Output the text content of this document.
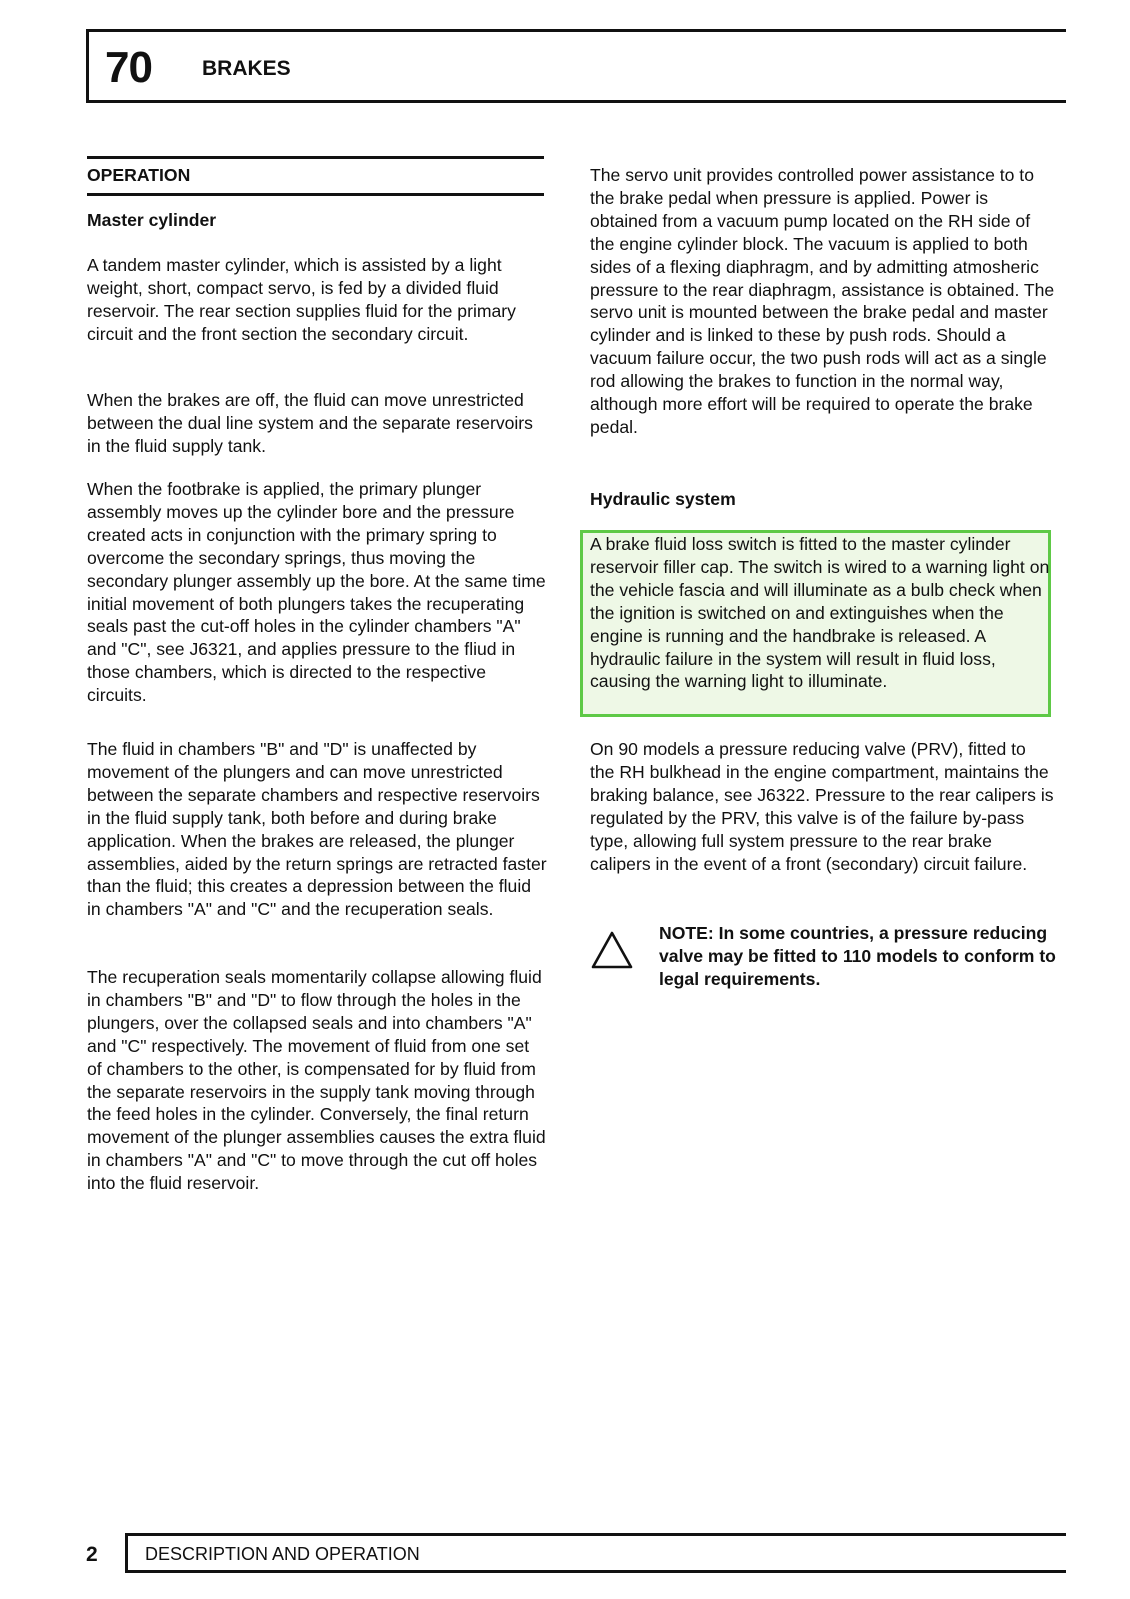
70 BRAKES

OPERATION

Master cylinder

A tandem master cylinder, which is assisted by a light weight, short, compact servo, is fed by a divided fluid reservoir. The rear section supplies fluid for the primary circuit and the front section the secondary circuit.

When the brakes are off, the fluid can move unrestricted between the dual line system and the separate reservoirs in the fluid supply tank.

When the footbrake is applied, the primary plunger assembly moves up the cylinder bore and the pressure created acts in conjunction with the primary spring to overcome the secondary springs, thus moving the secondary plunger assembly up the bore. At the same time initial movement of both plungers takes the recuperating seals past the cut-off holes in the cylinder chambers "A" and "C", see J6321, and applies pressure to the fliud in those chambers, which is directed to the respective circuits.

The fluid in chambers "B" and "D" is unaffected by movement of the plungers and can move unrestricted between the separate chambers and respective reservoirs in the fluid supply tank, both before and during brake application. When the brakes are released, the plunger assemblies, aided by the return springs are retracted faster than the fluid; this creates a depression between the fluid in chambers "A" and "C" and the recuperation seals.

The recuperation seals momentarily collapse allowing fluid in chambers "B" and "D" to flow through the holes in the plungers, over the collapsed seals and into chambers "A" and "C" respectively. The movement of fluid from one set of chambers to the other, is compensated for by fluid from the separate reservoirs in the supply tank moving through the feed holes in the cylinder. Conversely, the final return movement of the plunger assemblies causes the extra fluid in chambers "A" and "C" to move through the cut off holes into the fluid reservoir.

The servo unit provides controlled power assistance to to the brake pedal when pressure is applied. Power is obtained from a vacuum pump located on the RH side of the engine cylinder block. The vacuum is applied to both sides of a flexing diaphragm, and by admitting atmosheric pressure to the rear diaphragm, assistance is obtained. The servo unit is mounted between the brake pedal and master cylinder and is linked to these by push rods. Should a vacuum failure occur, the two push rods will act as a single rod allowing the brakes to function in the normal way, although more effort will be required to operate the brake pedal.

Hydraulic system

A brake fluid loss switch is fitted to the master cylinder reservoir filler cap. The switch is wired to a warning light on the vehicle fascia and will illuminate as a bulb check when the ignition is switched on and extinguishes when the engine is running and the handbrake is released. A hydraulic failure in the system will result in fluid loss, causing the warning light to illuminate.

On 90 models a pressure reducing valve (PRV), fitted to the RH bulkhead in the engine compartment, maintains the braking balance, see J6322. Pressure to the rear calipers is regulated by the PRV, this valve is of the failure by-pass type, allowing full system pressure to the rear brake calipers in the event of a front (secondary) circuit failure.

NOTE: In some countries, a pressure reducing valve may be fitted to 110 models to conform to legal requirements.

2	DESCRIPTION AND OPERATION
